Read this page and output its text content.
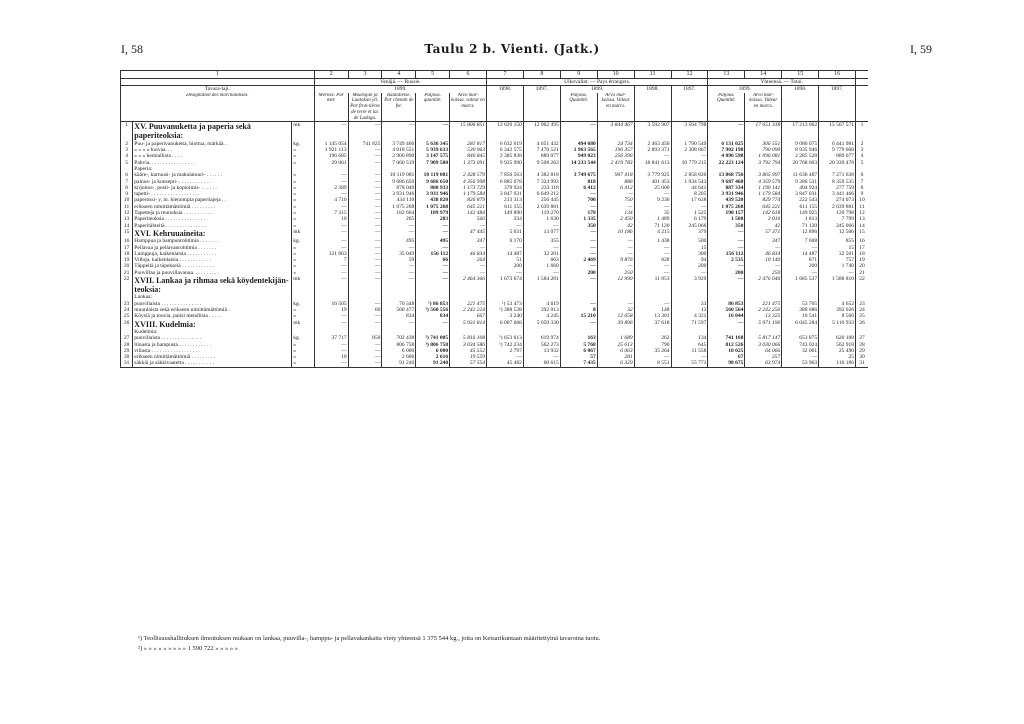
I, 58	Taulu 2 b. Vienti. (Jatk.)	I, 59
1			2	3	4	5	6	7	8	9	10	11	12	13	14	15	16	
			Venäjä. — Russie.					Ulkovallat. — Pays étrangers.						Yhteensä. — Totai.				
Tavara-laji.			1899.					1898.	1897.	1899.		1898.	1897.	1899.		1898.	1897.	
Désignation des marchandises.			Meritse. Par mer.	Maarajan ja Laatokan yli. Par fron-tières de terre et lac de Ladoga.	Rautatietse. Par chemin de fer.	Paljous. quantité.	Arvo mar-koissa. valeur en marcs.			Paljous. Quantité.	Arvo mar-koissa. Valeur en marcs.			Paljous. Quantité.	Arvo mar-koissa. Valeur en marcs.			
1	XV. Puuvanuketta ja paperia sekä paperiteoksia:	mk	—	—	—	—	15 806 851	13 620 150	12 062 495	—	3 844 467	3 592 907	3 564 798	—	17 651 318	17 213 062	15 567 571	1
2	Puu- ja paperivanuketta, hiottua, märkää. .	kg.	1 145 054	741 825	3 749 466	5 636 345	281 817	6 632 619	4 651 432	494 680	24 734	2 463 456	1 790 549	6 131 025	306 551	9 086 075	6 441 981	2
3	» » » » kuivaa. . .	»	1 921 113	—	4 018 551	5 939 633	530 963	6 342 575	7 470 521	1 963 565	196 357	2 893 371	2 308 867	7 902 198	790 090	8 935 946	9 779 608	3
4	» » » kemiallista . . . .	»	196 685	—	2 900 890	3 147 575	840 845	2 385 838	889 077	949 023	256 396	—	—	4 096 598	1 096 081	2 285 528	889 077	4
5	Pahvia. . . . . . . . . . . . . . . . .	»	29 061	—	7 060 519	7 909 580	1 373 091	9 935 990	9 508 263	14 233 544	2 419 783	18 841 613	10 779 215	22 223 124	3 792 794	20 768 603	20 339 478	5
	Paperia:																	
6	kääre-, kartuusi- ja makulatuuri- . . . . . .	»	—	—	10 119 081	10 119 081	2 428 579	7 856 563	4 382 818	3 749 675	907 418	3 779 925	2 858 820	13 868 756	3 865 997	11 636 487	7 271 638	6
7	painos- ja konsepti- . . . . . . . . . . . .	»	—	—	9 686 650	9 686 650	4 356 998	6 885 078	7 324 993	818	886	401 453	1 934 543	9 687 468	4 359 579	9 286 531	8 359 535	7
8	kirjoitus-, posti- ja kopioimis- . . . . . .	»	2 389	—	878 040	880 933	1 173 729	379 924	233 118	6 412	6 412	25 000	44 641	887 334	1 190 141	404 924	277 759	8
9	tapetti- . . . . . . . . . . . . . . . . . .	»	—	—	3 931 946	3 931 946	1 179 584	3 847 031	6 649 212	—	—	—	8 205	3 931 946	1 179 584	3 847 031	3 441 466	9
10	paperossi- y. m. hienompia paperilajeja . .	»	4 710	—	434 110	438 820	826 879	213 313	256 445	700	750	9 230	17 628	439 520	829 774	222 543	274 073	10
11	erikseen nimittämättömiä . . . . . . . . .	»	—	—	1 075 268	1 075 268	645 221	611 155	2 639 881	—	—	—	—	1 075 268	645 221	611 155	2 639 881	11
12	Tapetteja ja reunuksia . . . . . . . . . . .	»	7 315	—	182 664	189 979	142 484	149 890	119 270	178	134	35	1 525	190 157	142 618	149 925	120 798	12
13	Paperiteoksia . . . . . . . . . . . . . . .	»	10	—	265	283	566	334	1 630	1 335	2 450	1 489	6 179	1 508	3 016	1 813	7 799	13
14	Paperitähteitä . . . . . . . . . . . . . . .	»	—	—	—	—	—	—	—	350	42	71 120	245 066	350	42	71 120	245 066	14
15	XVI. Kehruuaineita:	mk	—	—	—	—	47 445	5 631	13 077	—	10 186	4 215	379	—	57 371	12 896	12 506	15
16	Hamppua ja hampunrohtimia . . . . . . .	kg.	—	—	495	495	347	6 170	355	—	—	1 438	500	—	347	7 608	855	16
17	Pellavaa ja pellavanrohtimia . . . . . . .	»	—	—	—	—	—	—	—	—	—	—	15	—	—	—	15	17
18	Lumppuja, kaikenlaisia . . . . . . . . . . .	»	121 063	—	35 049	156 112	46 834	14 487	32 201	—	—	—	300	156 112	46 834	14 487	32 501	18
19	Villoja, kaikenlaisia . . . . . . . . . . . .	»	7	—	59	66	264	51	663	2 469	9 876	828	94	2 535	10 140	871	757	19
20	Täppeitä ja täpekseiä . . . . . . . . . . . .	»	—	—	—	—	—	200	1 660	—	—	—	200	—	—	200	1 740	20
21	Puuvillaa ja puuvillavanua. . . . . . . . . .	»	—	—	—	—	—	—	—	200	250	—	—	200	250	—	—	21
22	XVII. Lankaa ja rihmaa sekä köydentekijän-teoksia:	mk	—	—	—	—	2 464 366	1 673 674	1 584 281	—	12 990	11 853	3 929	—	2 476 046	1 685 537	1 588 810	22
	Lankaa:																	
23	puuvillaista . . . . . . . . . . . . . . .	kg.	16 505	—	70 348	¹) 86 853	221 475	¹) 53 473	4 619	—	—	—	33	86 853	221 475	53 705	4 652	23
24	muunlaista sekä erikseen nimittämättömiä .	»	19	60	560 477	²) 560 556	2 242 224	¹) 388 538	392 013	8	32	148	13	560 564	2 242 256	380 686	392 026	24
25	Köysiä ja touvia, paitsi metallista . . . . .	»	—	—	834	834	667	3 240	4 245	15 210	12 658	13 301	4 321	16 044	13 325	16 541	8 566	25
26	XVIII. Kudelmia:	mk	—	—	—	—	5 931 814	6 007 666	5 059 330	—	39 896	37 618	71 597	—	5 971 190	6 045 284	5 110 933	26
	Kudelmia:																	
27	puuvillaista . . . . . . . . . . . . . . .	kg.	37 717	850	702 438	²) 741 005	5 816 108	¹) 653 613	619 974	163	1 689	262	134	741 168	5 817 147	653 875	620 108	27
28	liinasta ja hampusta . . . . . . . . . . . .	»	—	—	806 758	³) 806 758	3 034 586	¹) 742 234	562 273	5 768	25 613	790	645	812 526	3 030 066	743 024	562 918	28
29	villasta . . . . . . . . . . . . . . . . . .	»	—	—	6 000	6 000	45 552	2 797	13 932	6 067	6 063	35 264	11 558	10 025	64 066	32 061	25 490	29
30	erikseen nimittämättömiä . . . . . . . . .	»	10	—	2 606	2 616	19 559	—	—	57	281	—	—	67	257	—	25	30
31	säkkiä ja säkkivaatetta . . . . . . . . . . .	»	—	—	91 240	91 240	57 554	45 482	60 615	7 435	6 329	8 551	55 771	98 675	63 974	53 963	116 186	31
¹) Teollisuushallituksen ilmoituksen mukaan on lankaa, puuvilla-, hamppu- ja pellavakankaita viety yhteensä 1 375 544 kg., joita on Keisarikuntaan määritettyinä tavaroina tuotu.
²) » » » » » » » » » 1 590 722 » » » » »
